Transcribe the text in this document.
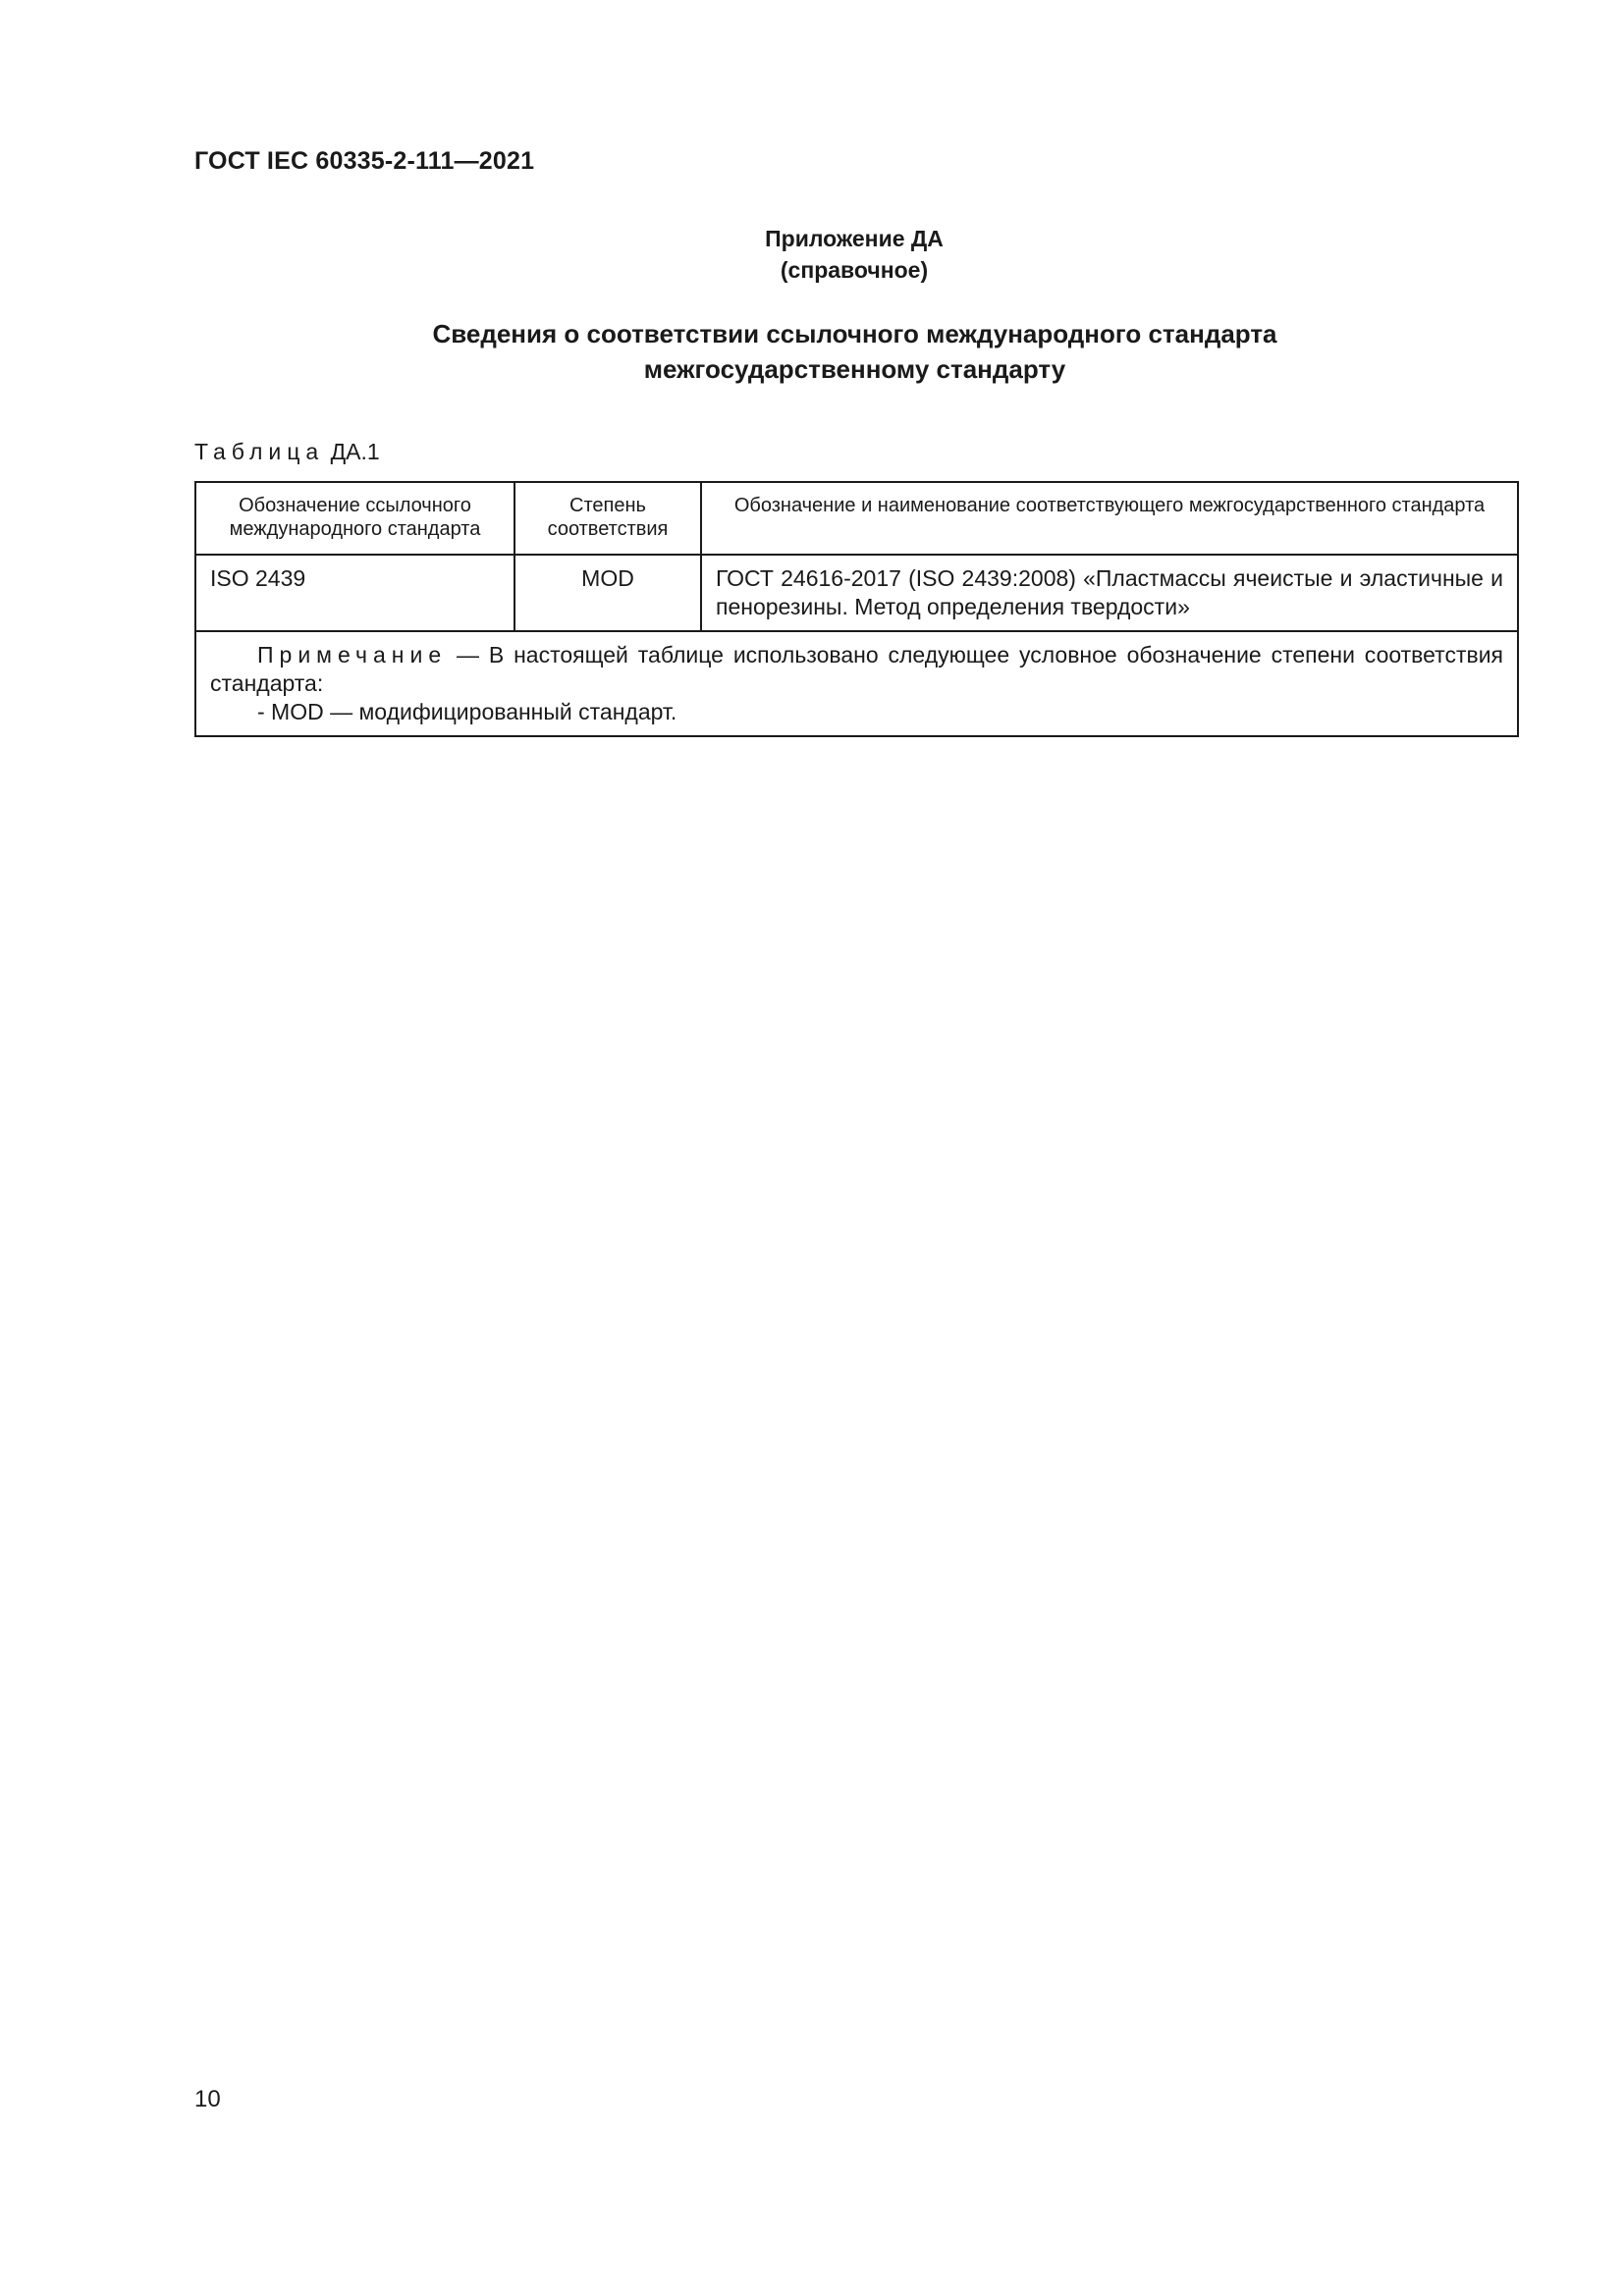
ГОСТ IEC 60335-2-111—2021
Приложение ДА
(справочное)
Сведения о соответствии ссылочного международного стандарта
межгосударственному стандарту
Таблица ДА.1
Обозначение ссылочного международного стандарта	Степень соответствия	Обозначение и наименование соответствующего межгосударственного стандарта
ISO 2439	MOD	ГОСТ 24616-2017 (ISO 2439:2008) «Пластмассы ячеистые и эластичные и пенорезины. Метод определения твердости»

Примечание — В настоящей таблице использовано следующее условное обозначение степени соответствия стандарта:
- MOD — модифицированный стандарт.		
10
